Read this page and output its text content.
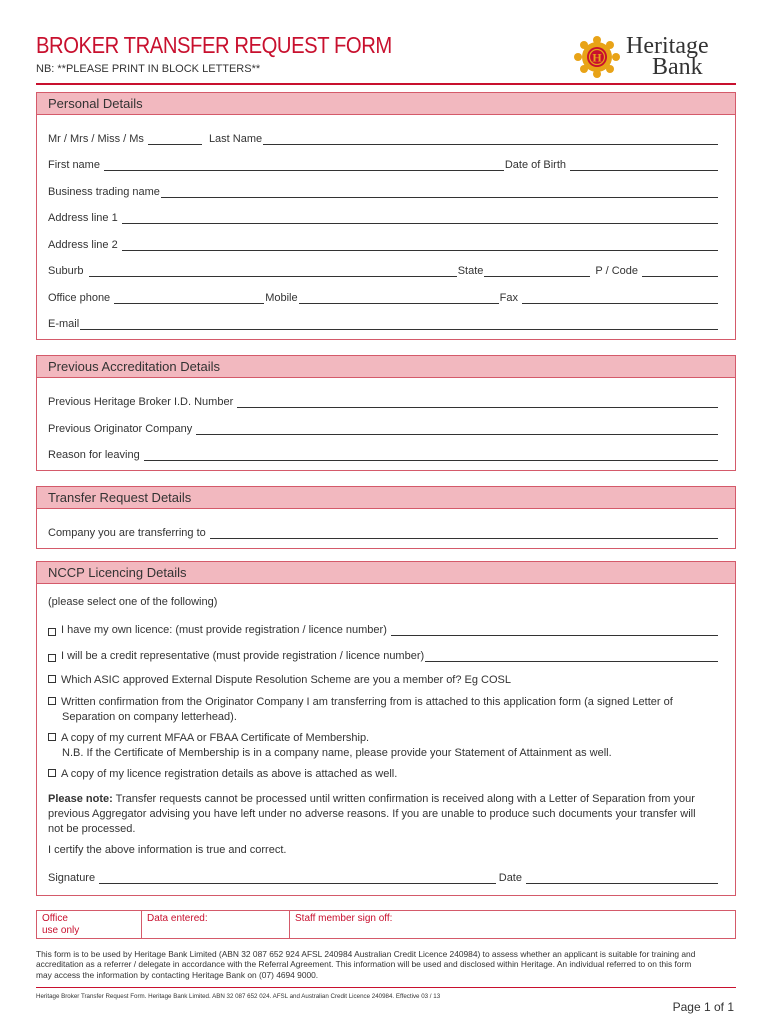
BROKER TRANSFER REQUEST FORM
NB: **PLEASE PRINT IN BLOCK LETTERS**
H Heritage
Bank
Personal Details
Mr / Mrs / Miss / Ms	Last Name
First name	Date of Birth
Business trading name
Address line 1
Address line 2
Suburb	State	P / Code
Office phone	Mobile	Fax
E-mail
Previous Accreditation Details
Previous Heritage Broker I.D. Number
Previous Originator Company
Reason for leaving
Transfer Request Details
Company you are transferring to
NCCP Licencing Details
(please select one of the following)
I have my own licence: (must provide registration / licence number)
I will be a credit representative (must provide registration / licence number)
Which ASIC approved External Dispute Resolution Scheme are you a member of? Eg COSL
Written confirmation from the Originator Company I am transferring from is attached to this application form (a signed Letter of
Separation on company letterhead).
A copy of my current MFAA or FBAA Certificate of Membership.
N.B. If the Certificate of Membership is in a company name, please provide your Statement of Attainment as well.
A copy of my licence registration details as above is attached as well.
Please note: Transfer requests cannot be processed until written confirmation is received along with a Letter of Separation from your
previous Aggregator advising you have left under no adverse reasons. If you are unable to produce such documents your transfer will
not be processed.
I certify the above information is true and correct.
Signature	Date
Office
use only
Data entered:	Staff member sign off:
This form is to be used by Heritage Bank Limited (ABN 32 087 652 924 AFSL 240984 Australian Credit Licence 240984) to assess whether an applicant is suitable for training and
accreditation as a referrer / delegate in accordance with the Referral Agreement. This information will be used and disclosed within Heritage. An individual referred to on this form
may access the information by contacting Heritage Bank on (07) 4694 9000.
Heritage Broker Transfer Request Form. Heritage Bank Limited. ABN 32 087 652 024. AFSL and Australian Credit Licence 240984. Effective 03 / 13
Page 1 of 1
